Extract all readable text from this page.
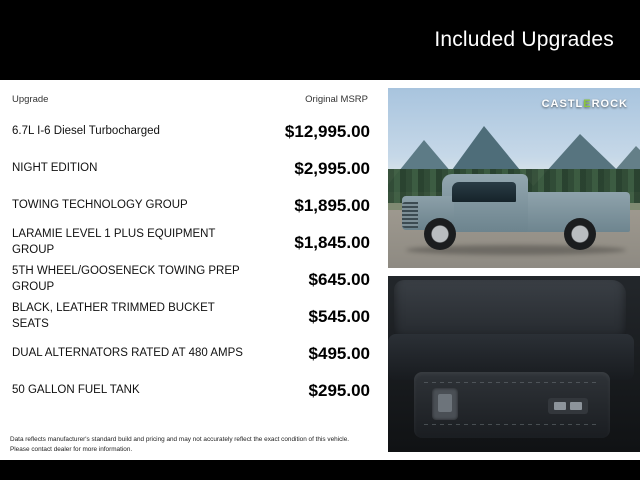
Included Upgrades
Upgrade	Original MSRP
6.7L I-6 Diesel Turbocharged	$12,995.00
NIGHT EDITION	$2,995.00
TOWING TECHNOLOGY GROUP	$1,895.00
LARAMIE LEVEL 1 PLUS EQUIPMENT GROUP	$1,845.00
5TH WHEEL/GOOSENECK TOWING PREP GROUP	$645.00
BLACK, LEATHER TRIMMED BUCKET SEATS	$545.00
DUAL ALTERNATORS RATED AT 480 AMPS	$495.00
50 GALLON FUEL TANK	$295.00
Data reflects manufacturer's standard build and pricing and may not accurately reflect the exact condition of this vehicle. Please contact dealer for more information.
CASTLEROCK
